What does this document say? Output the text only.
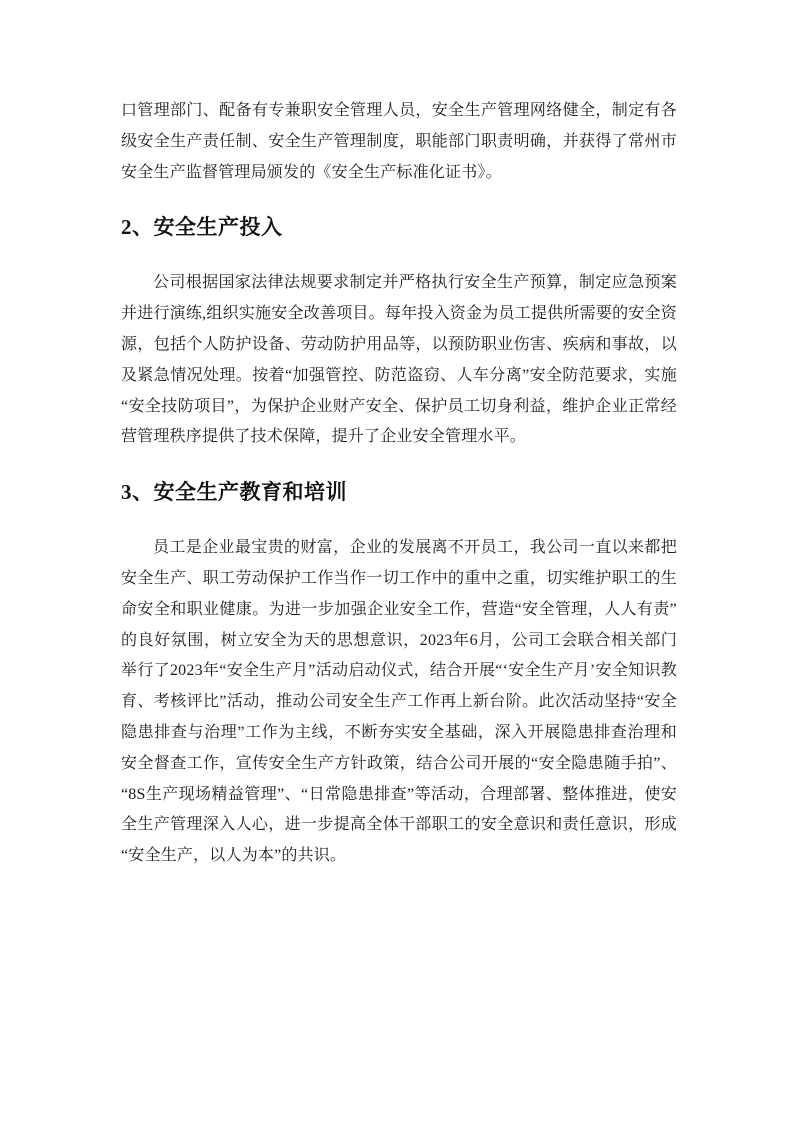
口管理部门、配备有专兼职安全管理人员，安全生产管理网络健全，制定有各级安全生产责任制、安全生产管理制度，职能部门职责明确，并获得了常州市安全生产监督管理局颁发的《安全生产标准化证书》。

2、安全生产投入

公司根据国家法律法规要求制定并严格执行安全生产预算，制定应急预案并进行演练,组织实施安全改善项目。每年投入资金为员工提供所需要的安全资源，包括个人防护设备、劳动防护用品等，以预防职业伤害、疾病和事故，以及紧急情况处理。按着“加强管控、防范盗窃、人车分离”安全防范要求，实施“安全技防项目”，为保护企业财产安全、保护员工切身利益，维护企业正常经营管理秩序提供了技术保障，提升了企业安全管理水平。

3、安全生产教育和培训

员工是企业最宝贵的财富，企业的发展离不开员工，我公司一直以来都把安全生产、职工劳动保护工作当作一切工作中的重中之重，切实维护职工的生命安全和职业健康。为进一步加强企业安全工作，营造“安全管理，人人有责”的良好氛围，树立安全为天的思想意识，2023年6月，公司工会联合相关部门举行了2023年“安全生产月”活动启动仪式，结合开展“‘安全生产月’安全知识教育、考核评比”活动，推动公司安全生产工作再上新台阶。此次活动坚持“安全隐患排查与治理”工作为主线，不断夯实安全基础，深入开展隐患排查治理和安全督查工作，宣传安全生产方针政策，结合公司开展的“安全隐患随手拍”、“8S生产现场精益管理”、“日常隐患排查”等活动，合理部署、整体推进，使安全生产管理深入人心，进一步提高全体干部职工的安全意识和责任意识，形成“安全生产，以人为本”的共识。
